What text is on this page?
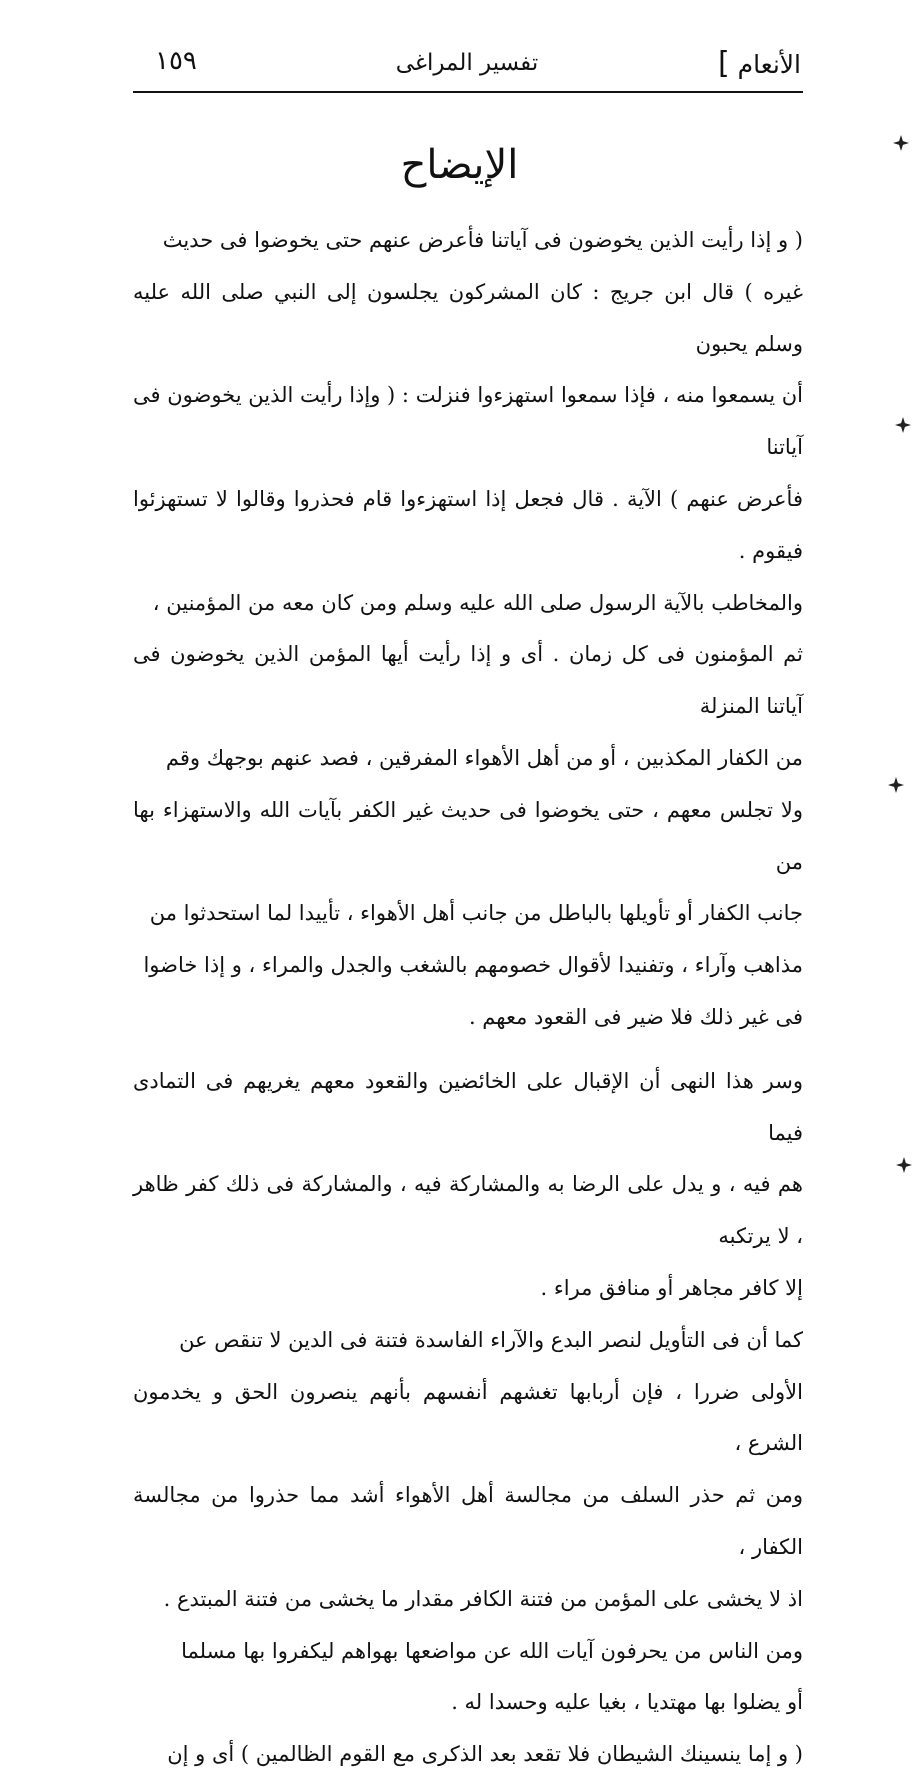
الأنعام ]
تفسير المراغى
١٥٩
الإيضاح

( و إذا رأيت الذين يخوضون فى آياتنا فأعرض عنهم حتى يخوضوا فى حديث

غيره ) قال ابن جريج : كان المشركون يجلسون إلى النبي صلى الله عليه وسلم يحبون

أن يسمعوا منه ، فإذا سمعوا استهزءوا فنزلت : ( وإذا رأيت الذين يخوضون فى آياتنا

فأعرض عنهم ) الآية . قال فجعل إذا استهزءوا قام فحذروا وقالوا لا تستهزئوا فيقوم .

والمخاطب بالآية الرسول صلى الله عليه وسلم ومن كان معه من المؤمنين ،

ثم المؤمنون فى كل زمان . أى و إذا رأيت أيها المؤمن الذين يخوضون فى آياتنا المنزلة

من الكفار المكذبين ، أو من أهل الأهواء المفرقين ، فصد عنهم بوجهك وقم

ولا تجلس معهم ، حتى يخوضوا فى حديث غير الكفر بآيات الله والاستهزاء بها من

جانب الكفار أو تأويلها بالباطل من جانب أهل الأهواء ، تأييدا لما استحدثوا من

مذاهب وآراء ، وتفنيدا لأقوال خصومهم بالشغب والجدل والمراء ، و إذا خاضوا

فى غير ذلك فلا ضير فى القعود معهم .

وسر هذا النهى أن الإقبال على الخائضين والقعود معهم يغريهم فى التمادى فيما

هم فيه ، و يدل على الرضا به والمشاركة فيه ، والمشاركة فى ذلك كفر ظاهر ، لا يرتكبه

إلا كافر مجاهر أو منافق مراء .

كما أن فى التأويل لنصر البدع والآراء الفاسدة فتنة فى الدين لا تنقص عن

الأولى ضررا ، فإن أربابها تغشهم أنفسهم بأنهم ينصرون الحق و يخدمون الشرع ،

ومن ثم حذر السلف من مجالسة أهل الأهواء أشد مما حذروا من مجالسة الكفار ،

اذ لا يخشى على المؤمن من فتنة الكافر مقدار ما يخشى من فتنة المبتدع .

ومن الناس من يحرفون آيات الله عن مواضعها بهواهم ليكفروا بها مسلما

أو يضلوا بها مهتديا ، بغيا عليه وحسدا له .

( و إما ينسينك الشيطان فلا تقعد بعد الذكرى مع القوم الظالمين ) أى و إن
